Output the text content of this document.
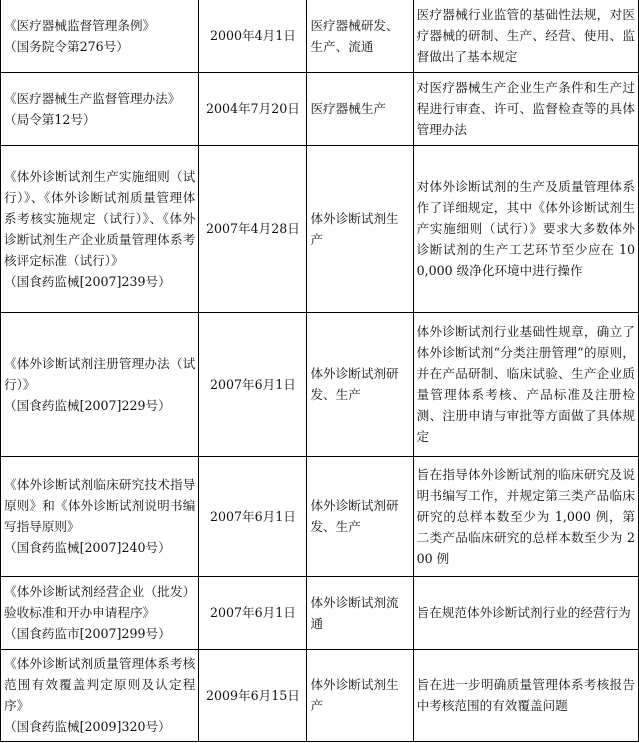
《医疗器械监督管理条例》
（国务院令第276号）	2000年4月1日	医疗器械研发、生产、流通	医疗器械行业监管的基础性法规，对医疗器械的研制、生产、经营、使用、监督做出了基本规定

《医疗器械生产监督管理办法》
（局令第12号）	2004年7月20日	医疗器械生产	对医疗器械生产企业生产条件和生产过程进行审查、许可、监督检查等的具体管理办法

《体外诊断试剂生产实施细则（试行）》、《体外诊断试剂质量管理体系考核实施规定（试行）》、《体外诊断试剂生产企业质量管理体系考核评定标准（试行）》
（国食药监械[2007]239号）	2007年4月28日	体外诊断试剂生产	对体外诊断试剂的生产及质量管理体系作了详细规定，其中《体外诊断试剂生产实施细则（试行）》要求大多数体外诊断试剂的生产工艺环节至少应在 100,000 级净化环境中进行操作

《体外诊断试剂注册管理办法（试行）》
（国食药监械[2007]229号）	2007年6月1日	体外诊断试剂研发、生产	体外诊断试剂行业基础性规章，确立了体外诊断试剂“分类注册管理”的原则，并在产品研制、临床试验、生产企业质量管理体系考核、产品标准及注册检测、注册申请与审批等方面做了具体规定

《体外诊断试剂临床研究技术指导原则》和《体外诊断试剂说明书编写指导原则》
（国食药监械[2007]240号）	2007年6月1日	体外诊断试剂研发、生产	旨在指导体外诊断试剂的临床研究及说明书编写工作，并规定第三类产品临床研究的总样本数至少为 1,000 例，第二类产品临床研究的总样本数至少为 200 例

《体外诊断试剂经营企业（批发）验收标准和开办申请程序》
（国食药监市[2007]299号）	2007年6月1日	体外诊断试剂流通	旨在规范体外诊断试剂行业的经营行为

《体外诊断试剂质量管理体系考核范围有效覆盖判定原则及认定程序》
（国食药监械[2009]320号）	2009年6月15日	体外诊断试剂生产	旨在进一步明确质量管理体系考核报告中考核范围的有效覆盖问题
